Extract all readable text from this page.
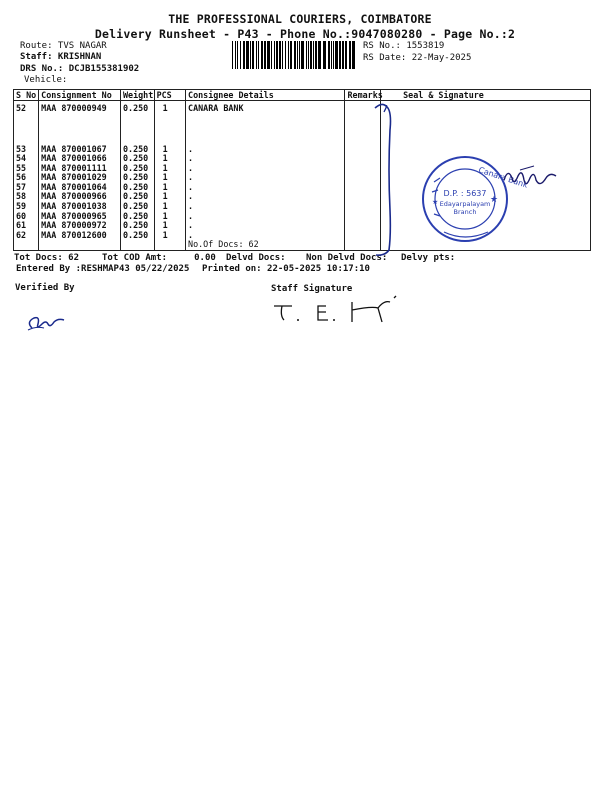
THE PROFESSIONAL COURIERS, COIMBATORE
Delivery Runsheet - P43 - Phone No.:9047080280 - Page No.:2
Route: TVS NAGAR
Staff: KRISHNAN
DRS No.: DCJB155381902
Vehicle:
RS No.: 1553819
RS Date: 22-May-2025
S No	Consignment No	Weight	PCS	Consignee Details	Remarks	Seal & Signature
52	MAA 870000949	0.250	1	CANARA BANK		
53	MAA 870001067	0.250	1	.		
54	MAA 870001066	0.250	1	.		
55	MAA 870001111	0.250	1	.		
56	MAA 870001029	0.250	1	.		
57	MAA 870001064	0.250	1	.		
58	MAA 870000966	0.250	1	.		
59	MAA 870001038	0.250	1	.		
60	MAA 870000965	0.250	1	.		
61	MAA 870000972	0.250	1	.		
62	MAA 870012600	0.250	1	.		
				No.Of Docs: 62		
Tot Docs: 62	Tot COD Amt:     0.00 Delvd Docs: Non Delvd Docs: Delvy pts:
Entered By :RESHMAP43 05/22/2025 Printed on: 22-05-2025 10:17:10
Verified By	Staff Signature
D.P. : 5637
Edayarpalayam
Branch
Canara Bank
★
★
